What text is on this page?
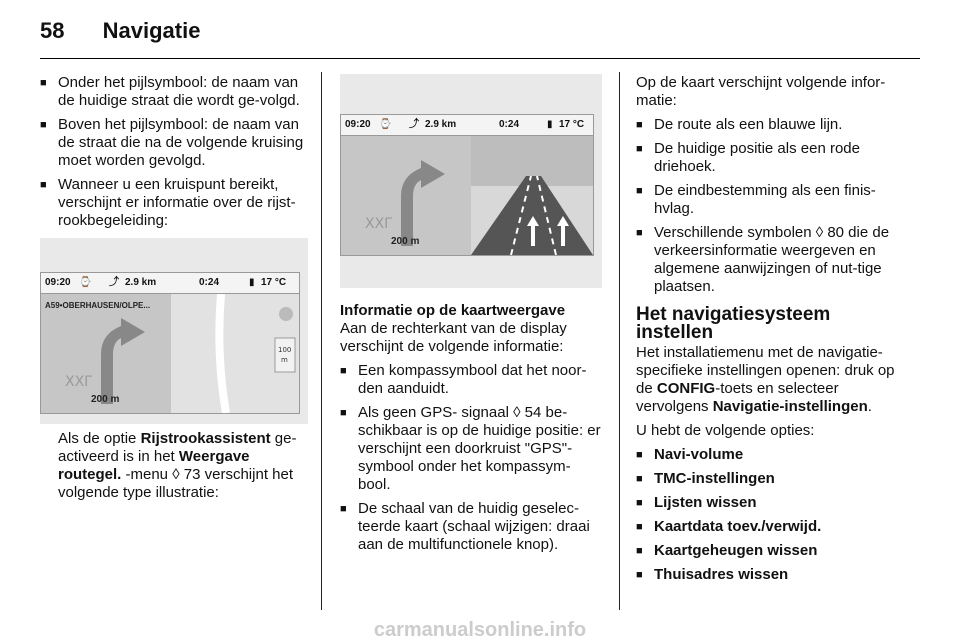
58 Navigatie
■ Onder het pijlsymbool: de naam van de huidige straat die wordt ge-volgd.
■ Boven het pijlsymbool: de naam van de straat die na de volgende kruising moet worden gevolgd.
■ Wanneer u een kruispunt bereikt, verschijnt er informatie over de rijst-rookbegeleiding:
09:20 ⌚ ⤴ 2.9 km	0:24	▮ 17 °C
A59•OBERHAUSEN/OLPE...
XXΓ
100
m
200 m
Als de optie Rijstrookassistent ge-activeerd is in het Weergave routegel. -menu ◊ 73 verschijnt het volgende type illustratie:
09:20 ⌚ ⤴ 2.9 km	0:24	▮ 17 °C
XXΓ
200 m
Informatie op de kaartweergave
Aan de rechterkant van de display verschijnt de volgende informatie:
■ Een kompassymbool dat het noor-den aanduidt.
■ Als geen GPS- signaal ◊ 54 be-schikbaar is op de huidige positie: er verschijnt een doorkruist "GPS"-symbool onder het kompassym-bool.
■ De schaal van de huidig geselec-teerde kaart (schaal wijzigen: draai aan de multifunctionele knop).
Op de kaart verschijnt volgende infor-matie:
■ De route als een blauwe lijn.
■ De huidige positie als een rode driehoek.
■ De eindbestemming als een finis-hvlag.
■ Verschillende symbolen ◊ 80 die de verkeersinformatie weergeven en algemene aanwijzingen of nut-tige plaatsen.
Het navigatiesysteem instellen
Het installatiemenu met de navigatie-specifieke instellingen openen: druk op de CONFIG-toets en selecteer vervolgens Navigatie-instellingen.
U hebt de volgende opties:
■ Navi-volume
■ TMC-instellingen
■ Lijsten wissen
■ Kaartdata toev./verwijd.
■ Kaartgeheugen wissen
■ Thuisadres wissen
carmanualsonline.info
